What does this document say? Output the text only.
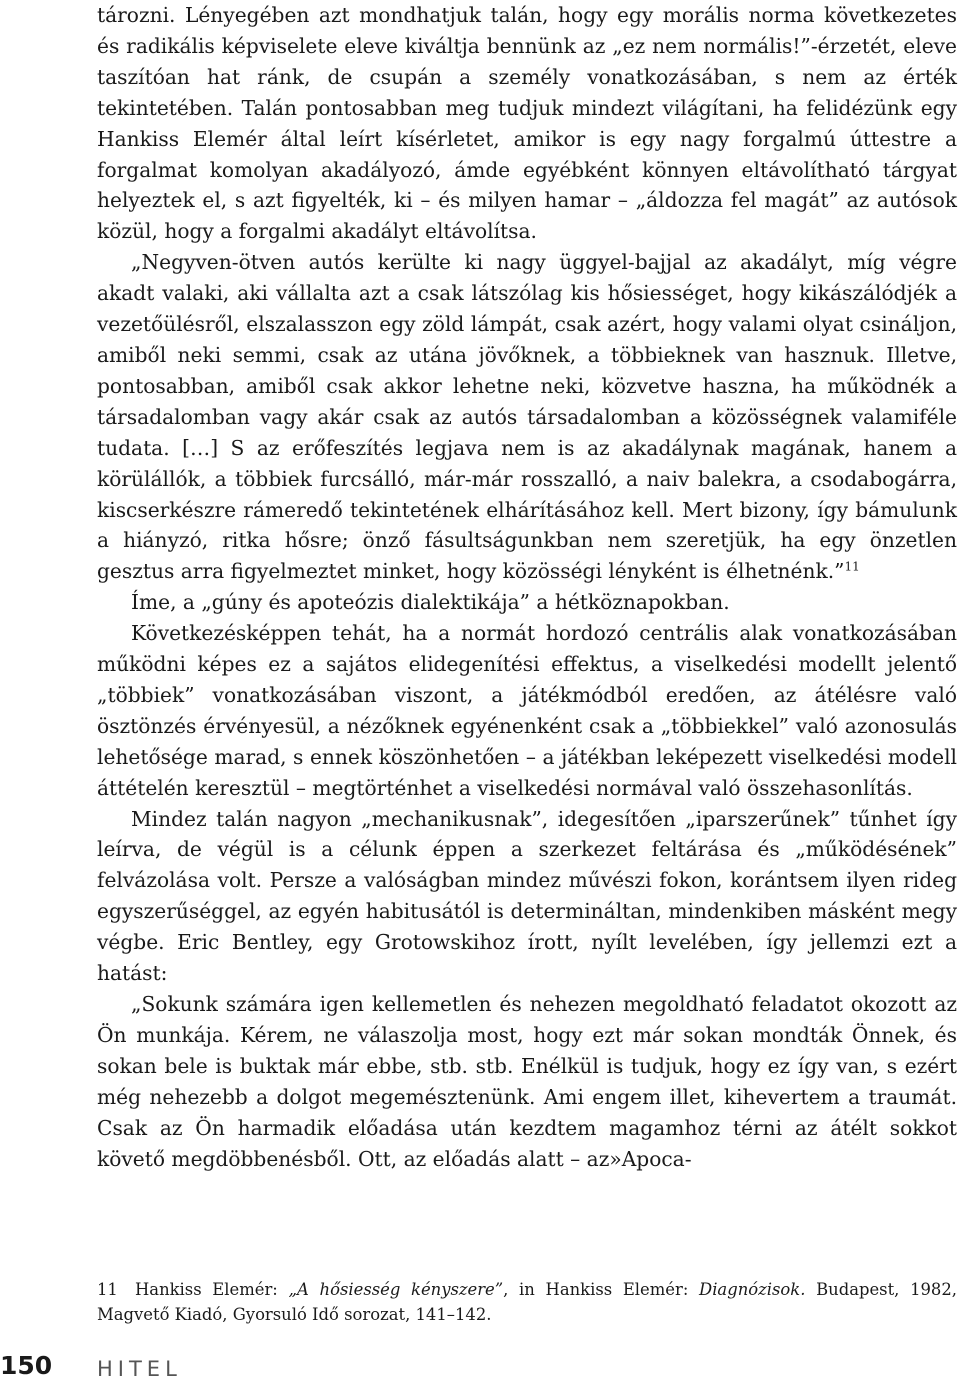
tározni. Lényegében azt mondhatjuk talán, hogy egy morális norma következetes és radikális képviselete eleve kiváltja bennünk az „ez nem normális!”-érzetét, eleve taszítóan hat ránk, de csupán a személy vonatkozásában, s nem az érték tekintetében. Talán pontosabban meg tudjuk mindezt világítani, ha felidézünk egy Hankiss Elemér által leírt kísérletet, amikor is egy nagy forgalmú úttestre a forgalmat komolyan akadályozó, ámde egyébként könnyen eltávolítható tárgyat helyeztek el, s azt figyelték, ki – és milyen hamar – „áldozza fel magát” az autósok közül, hogy a forgalmi akadályt eltávolítsa.

„Negyven-ötven autós kerülte ki nagy üggyel-bajjal az akadályt, míg végre akadt valaki, aki vállalta azt a csak látszólag kis hősiességet, hogy kikászálódjék a vezetőülésről, elszalasszon egy zöld lámpát, csak azért, hogy valami olyat csináljon, amiből neki semmi, csak az utána jövőknek, a többieknek van hasznuk. Illetve, pontosabban, amiből csak akkor lehetne neki, közvetve haszna, ha működnék a társadalomban vagy akár csak az autós társadalomban a közösségnek valamiféle tudata. […] S az erőfeszítés legjava nem is az akadálynak magának, hanem a körülállók, a többiek furcsálló, már-már rosszalló, a naiv balekra, a csodabogárra, kiscserkészre rámeredő tekintetének elhárításához kell. Mert bizony, így bámulunk a hiányzó, ritka hősre; önző fásultságunkban nem szeretjük, ha egy önzetlen gesztus arra figyelmeztet minket, hogy közösségi lényként is élhetnénk.”$^{11}$

Íme, a „gúny és apoteózis dialektikája” a hétköznapokban.

Következésképpen tehát, ha a normát hordozó centrális alak vonatkozásában működni képes ez a sajátos elidegenítési effektus, a viselkedési modellt jelentő „többiek” vonatkozásában viszont, a játékmódból eredően, az átélésre való ösztönzés érvényesül, a nézőknek egyénenként csak a „többiekkel” való azonosulás lehetősége marad, s ennek köszönhetően – a játékban leképezett viselkedési modell áttételén keresztül – megtörténhet a viselkedési normával való összehasonlítás.

Mindez talán nagyon „mechanikusnak”, idegesítően „iparszerűnek” tűnhet így leírva, de végül is a célunk éppen a szerkezet feltárása és „működésének” felvázolása volt. Persze a valóságban mindez művészi fokon, korántsem ilyen rideg egyszerűséggel, az egyén habitusától is determináltan, mindenkiben másként megy végbe. Eric Bentley, egy Grotowskihoz írott, nyílt levelében, így jellemzi ezt a hatást:

„Sokunk számára igen kellemetlen és nehezen megoldható feladatot okozott az Ön munkája. Kérem, ne válaszolja most, hogy ezt már sokan mondták Önnek, és sokan bele is buktak már ebbe, stb. stb. Enélkül is tudjuk, hogy ez így van, s ezért még nehezebb a dolgot megemésztenünk. Ami engem illet, kihevertem a traumát. Csak az Ön harmadik előadása után kezdtem magamhoz térni az átélt sokkot követő megdöbbenésből. Ott, az előadás alatt – az»Apoca-

11 Hankiss Elemér: „A hősiesség kényszere”, in Hankiss Elemér: Diagnózisok. Budapest, 1982, Magvető Kiadó, Gyorsuló Idő sorozat, 141–142.
150 HITEL
